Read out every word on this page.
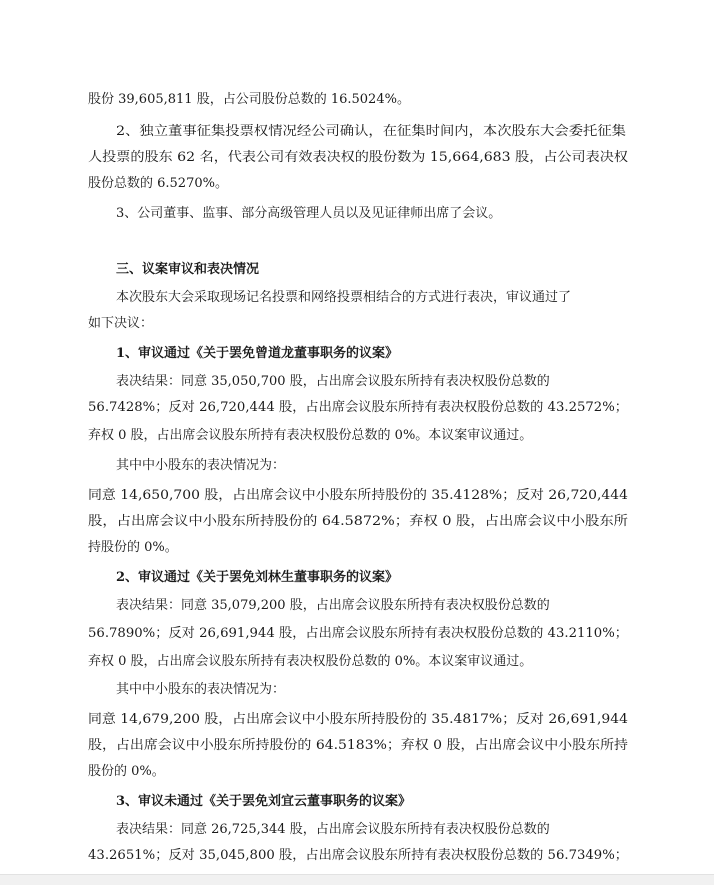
股份 39,605,811 股，占公司股份总数的 16.5024%。
2、独立董事征集投票权情况经公司确认，在征集时间内，本次股东大会委托征集
人投票的股东 62 名，代表公司有效表决权的股份数为 15,664,683 股，占公司表决权
股份总数的 6.5270%。
3、公司董事、监事、部分高级管理人员以及见证律师出席了会议。
三、议案审议和表决情况
本次股东大会采取现场记名投票和网络投票相结合的方式进行表决，审议通过了
如下决议：
1、审议通过《关于罢免曾道龙董事职务的议案》
表决结果：同意 35,050,700 股，占出席会议股东所持有表决权股份总数的
56.7428%；反对 26,720,444 股，占出席会议股东所持有表决权股份总数的 43.2572%；
弃权 0 股，占出席会议股东所持有表决权股份总数的 0%。本议案审议通过。
其中中小股东的表决情况为：
同意 14,650,700 股，占出席会议中小股东所持股份的 35.4128%；反对 26,720,444
股，占出席会议中小股东所持股份的 64.5872%；弃权 0 股，占出席会议中小股东所
持股份的 0%。
2、审议通过《关于罢免刘林生董事职务的议案》
表决结果：同意 35,079,200 股，占出席会议股东所持有表决权股份总数的
56.7890%；反对 26,691,944 股，占出席会议股东所持有表决权股份总数的 43.2110%；
弃权 0 股，占出席会议股东所持有表决权股份总数的 0%。本议案审议通过。
其中中小股东的表决情况为：
同意 14,679,200 股，占出席会议中小股东所持股份的 35.4817%；反对 26,691,944
股，占出席会议中小股东所持股份的 64.5183%；弃权 0 股，占出席会议中小股东所持
股份的 0%。
3、审议未通过《关于罢免刘宜云董事职务的议案》
表决结果：同意 26,725,344 股，占出席会议股东所持有表决权股份总数的
43.2651%；反对 35,045,800 股，占出席会议股东所持有表决权股份总数的 56.7349%；
